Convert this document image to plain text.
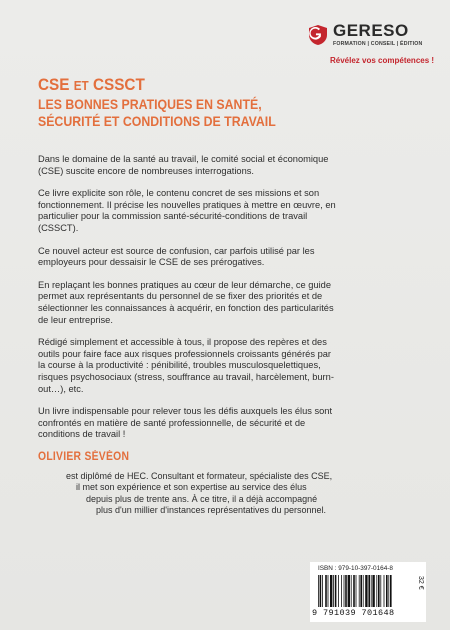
GERESO
FORMATION | CONSEIL | ÉDITION
Révélez vos compétences !
CSE ET CSSCT
LES BONNES PRATIQUES EN SANTÉ,
SÉCURITÉ ET CONDITIONS DE TRAVAIL

Dans le domaine de la santé au travail, le comité social et économique (CSE) suscite encore de nombreuses interrogations.

Ce livre explicite son rôle, le contenu concret de ses missions et son fonctionnement. Il précise les nouvelles pratiques à mettre en œuvre, en particulier pour la commission santé-sécurité-conditions de travail (CSSCT).

Ce nouvel acteur est source de confusion, car parfois utilisé par les employeurs pour dessaisir le CSE de ses prérogatives.

En replaçant les bonnes pratiques au cœur de leur démarche, ce guide permet aux représentants du personnel de se fixer des priorités et de sélectionner les connaissances à acquérir, en fonction des particularités de leur entreprise.

Rédigé simplement et accessible à tous, il propose des repères et des outils pour faire face aux risques professionnels croissants générés par la course à la productivité : pénibilité, troubles musculosquelettiques, risques psychosociaux (stress, souffrance au travail, harcèlement, burn-out…), etc.

Un livre indispensable pour relever tous les défis auxquels les élus sont confrontés en matière de santé professionnelle, de sécurité et de conditions de travail !

OLIVIER SÉVÉON
est diplômé de HEC. Consultant et formateur, spécialiste des CSE,
il met son expérience et son expertise au service des élus
depuis plus de trente ans. À ce titre, il a déjà accompagné
plus d'un millier d'instances représentatives du personnel.
ISBN : 979-10-397-0164-8
9 791039 701648
32 €
